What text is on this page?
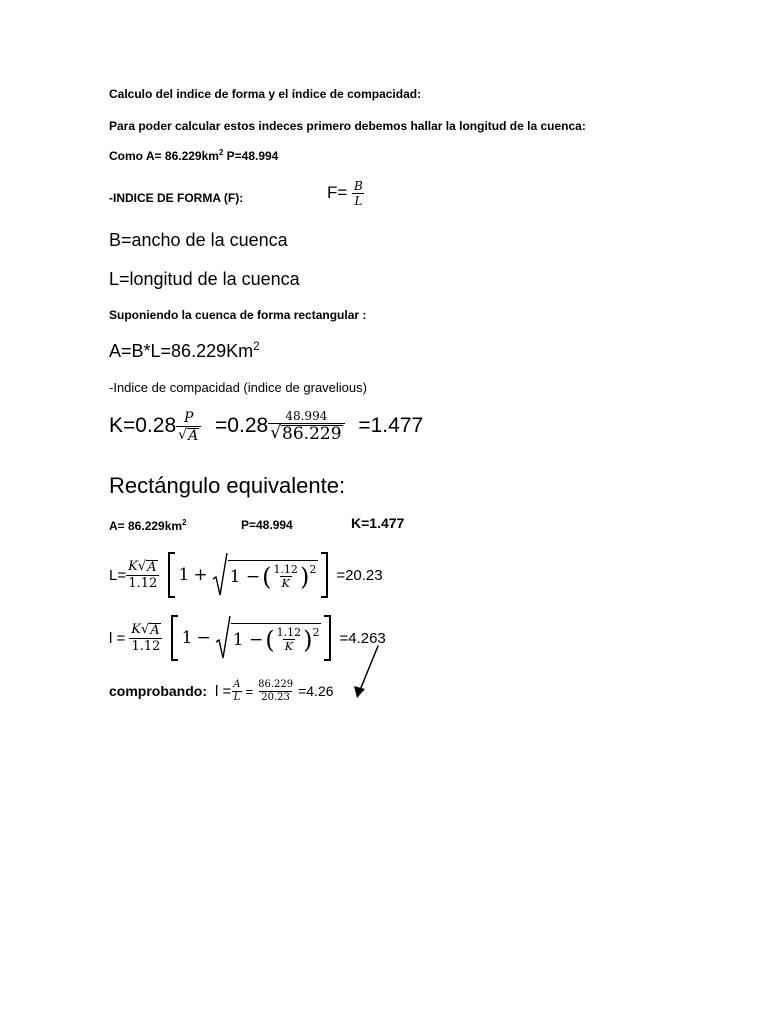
Calculo del indice de forma y el índice de compacidad:
Para poder calcular estos indeces primero debemos hallar la longitud de la cuenca:
Como $A= 86.229km^2$ P=48.994
-INDICE DE FORMA (F):	$F= \frac{B}{L}$
B=ancho de la cuenca
L=longitud de la cuenca
Suponiendo la cuenca de forma rectangular :
$A=B*L=86.229Km^2$
-Indice de compacidad (indice de gravelious)
$K=0.28 \frac{P}{√ A} =0.28 \frac{48.994}{√ 86.229} =1.477$
Rectángulo equivalente:
$A= 86.229km^2$	P=48.994	K=1.477
$L= \frac{K √ A}{1.12} 1 + 1$ − ( $\frac{1.12}{K} )^2 =20.23$
$l = \frac{K √ A}{1.12} 1 - 1$ − ( $\frac{1.12}{K} )^2 =4.263$
comprobando: $l = \frac{A}{L} = \frac{86.229}{20.23} =4.26$
